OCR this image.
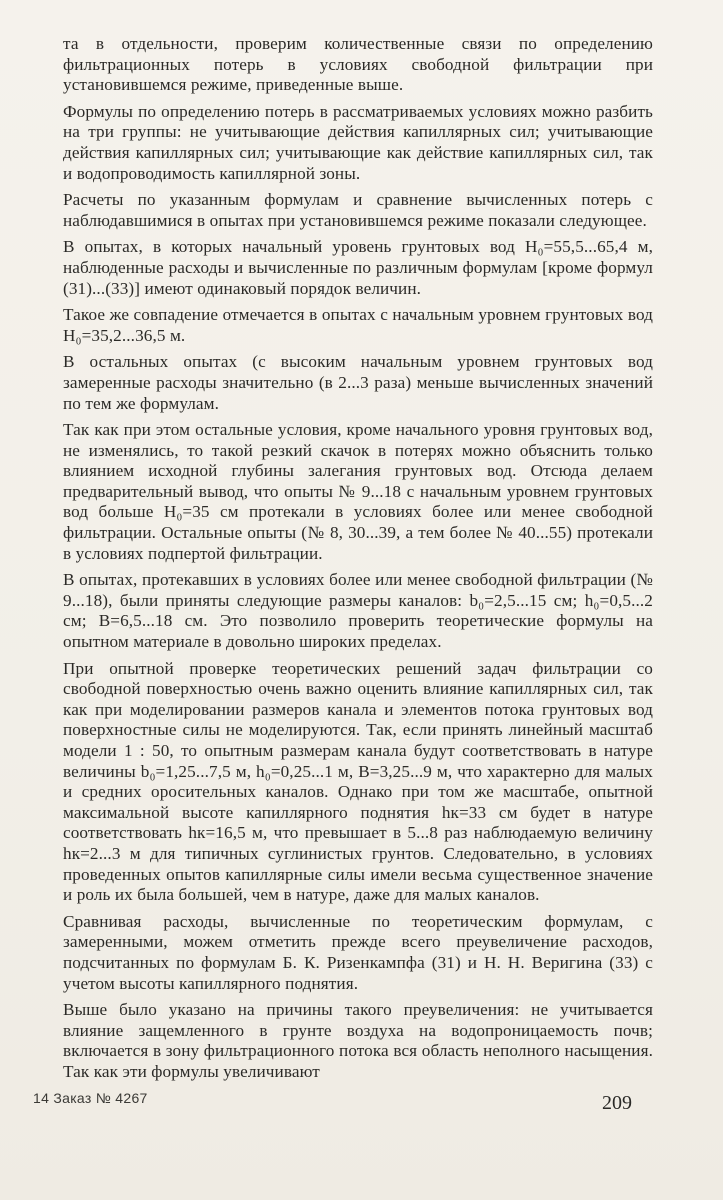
та в отдельности, проверим количественные связи по определению фильтрационных потерь в условиях свободной фильтрации при установившемся режиме, приведенные выше.

Формулы по определению потерь в рассматриваемых условиях можно разбить на три группы: не учитывающие действия капиллярных сил; учитывающие действия капиллярных сил; учитывающие как действие капиллярных сил, так и водопроводимость капиллярной зоны.

Расчеты по указанным формулам и сравнение вычисленных потерь с наблюдавшимися в опытах при установившемся режиме показали следующее.

В опытах, в которых начальный уровень грунтовых вод H₀=55,5...65,4 м, наблюденные расходы и вычисленные по различным формулам [кроме формул (31)...(33)] имеют одинаковый порядок величин.

Такое же совпадение отмечается в опытах с начальным уровнем грунтовых вод H₀=35,2...36,5 м.

В остальных опытах (с высоким начальным уровнем грунтовых вод замеренные расходы значительно (в 2...3 раза) меньше вычисленных значений по тем же формулам.

Так как при этом остальные условия, кроме начального уровня грунтовых вод, не изменялись, то такой резкий скачок в потерях можно объяснить только влиянием исходной глубины залегания грунтовых вод. Отсюда делаем предварительный вывод, что опыты № 9...18 с начальным уровнем грунтовых вод больше H₀=35 см протекали в условиях более или менее свободной фильтрации. Остальные опыты (№ 8, 30...39, а тем более № 40...55) протекали в условиях подпертой фильтрации.

В опытах, протекавших в условиях более или менее свободной фильтрации (№ 9...18), были приняты следующие размеры каналов: b₀=2,5...15 см; h₀=0,5...2 см; B=6,5...18 см. Это позволило проверить теоретические формулы на опытном материале в довольно широких пределах.

При опытной проверке теоретических решений задач фильтрации со свободной поверхностью очень важно оценить влияние капиллярных сил, так как при моделировании размеров канала и элементов потока грунтовых вод поверхностные силы не моделируются. Так, если принять линейный масштаб модели 1 : 50, то опытным размерам канала будут соответствовать в натуре величины b₀=1,25...7,5 м, h₀=0,25...1 м, B=3,25...9 м, что характерно для малых и средних оросительных каналов. Однако при том же масштабе, опытной максимальной высоте капиллярного поднятия hк=33 см будет в натуре соответствовать hк=16,5 м, что превышает в 5...8 раз наблюдаемую величину hк=2...3 м для типичных суглинистых грунтов. Следовательно, в условиях проведенных опытов капиллярные силы имели весьма существенное значение и роль их была большей, чем в натуре, даже для малых каналов.

Сравнивая расходы, вычисленные по теоретическим формулам, с замеренными, можем отметить прежде всего преувеличение расходов, подсчитанных по формулам Б. К. Ризенкампфа (31) и Н. Н. Веригина (33) с учетом высоты капиллярного поднятия.

Выше было указано на причины такого преувеличения: не учитывается влияние защемленного в грунте воздуха на водопроницаемость почв; включается в зону фильтрационного потока вся область неполного насыщения. Так как эти формулы увеличивают

14 Заказ № 4267	209
